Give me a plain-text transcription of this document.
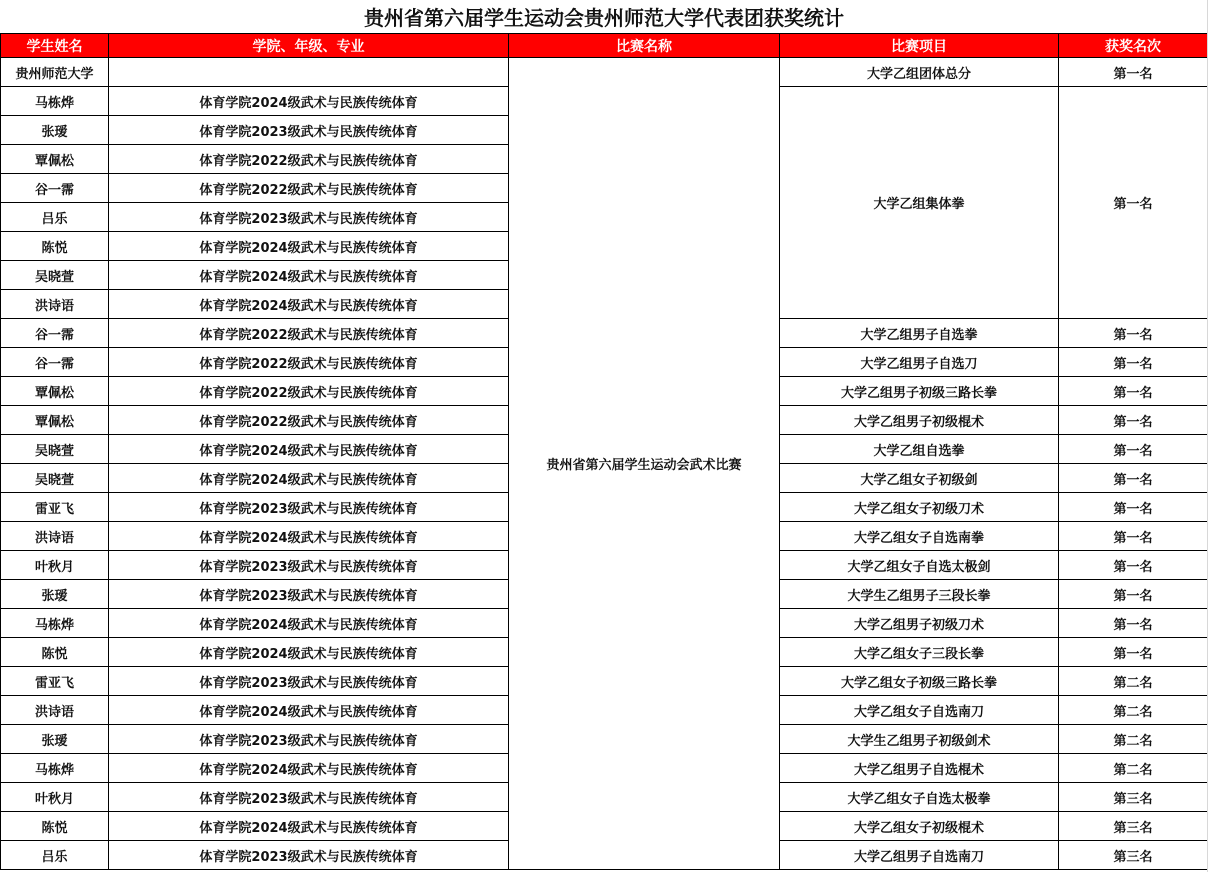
贵州省第六届学生运动会贵州师范大学代表团获奖统计
学生姓名	学院、年级、专业	比赛名称	比赛项目	获奖名次
贵州师范大学		贵州省第六届学生运动会武术比赛	大学乙组团体总分	第一名
马栋烨	体育学院2024级武术与民族传统体育		大学乙组集体拳	第一名
张瑷	体育学院2023级武术与民族传统体育			
覃佩松	体育学院2022级武术与民族传统体育			
谷一霈	体育学院2022级武术与民族传统体育			
吕乐	体育学院2023级武术与民族传统体育			
陈悦	体育学院2024级武术与民族传统体育			
吴晓萱	体育学院2024级武术与民族传统体育			
洪诗语	体育学院2024级武术与民族传统体育			
谷一霈	体育学院2022级武术与民族传统体育		大学乙组男子自选拳	第一名
谷一霈	体育学院2022级武术与民族传统体育		大学乙组男子自选刀	第一名
覃佩松	体育学院2022级武术与民族传统体育		大学乙组男子初级三路长拳	第一名
覃佩松	体育学院2022级武术与民族传统体育		大学乙组男子初级棍术	第一名
吴晓萱	体育学院2024级武术与民族传统体育		大学乙组自选拳	第一名
吴晓萱	体育学院2024级武术与民族传统体育		大学乙组女子初级剑	第一名
雷亚飞	体育学院2023级武术与民族传统体育		大学乙组女子初级刀术	第一名
洪诗语	体育学院2024级武术与民族传统体育		大学乙组女子自选南拳	第一名
叶秋月	体育学院2023级武术与民族传统体育		大学乙组女子自选太极剑	第一名
张瑷	体育学院2023级武术与民族传统体育		大学生乙组男子三段长拳	第一名
马栋烨	体育学院2024级武术与民族传统体育		大学乙组男子初级刀术	第一名
陈悦	体育学院2024级武术与民族传统体育		大学乙组女子三段长拳	第一名
雷亚飞	体育学院2023级武术与民族传统体育		大学乙组女子初级三路长拳	第二名
洪诗语	体育学院2024级武术与民族传统体育		大学乙组女子自选南刀	第二名
张瑷	体育学院2023级武术与民族传统体育		大学生乙组男子初级剑术	第二名
马栋烨	体育学院2024级武术与民族传统体育		大学乙组男子自选棍术	第二名
叶秋月	体育学院2023级武术与民族传统体育		大学乙组女子自选太极拳	第三名
陈悦	体育学院2024级武术与民族传统体育		大学乙组女子初级棍术	第三名
吕乐	体育学院2023级武术与民族传统体育		大学乙组男子自选南刀	第三名
